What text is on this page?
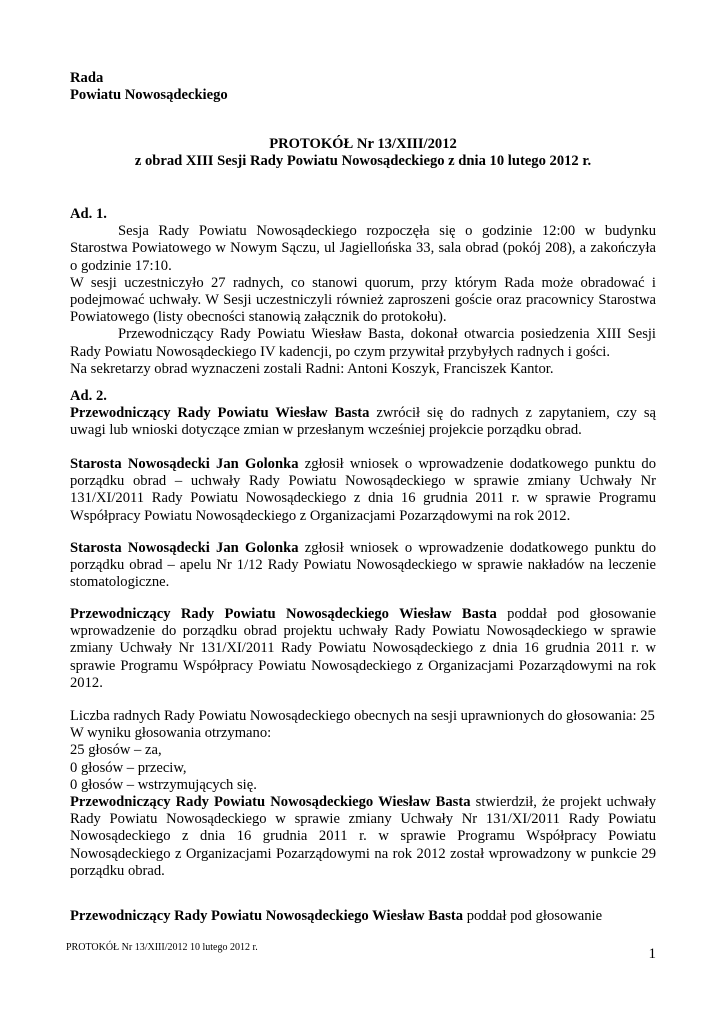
Rada

Powiatu Nowosądeckiego

PROTOKÓŁ Nr 13/XIII/2012

z obrad XIII Sesji Rady Powiatu Nowosądeckiego z dnia 10 lutego 2012 r.

Ad. 1.

Sesja Rady Powiatu Nowosądeckiego rozpoczęła się o godzinie 12:00 w budynku Starostwa Powiatowego w Nowym Sączu, ul Jagiellońska 33, sala obrad (pokój 208), a zakończyła o godzinie 17:10.

W sesji uczestniczyło 27 radnych, co stanowi quorum, przy którym Rada może obradować i podejmować uchwały. W Sesji uczestniczyli również zaproszeni goście oraz pracownicy Starostwa Powiatowego (listy obecności stanowią załącznik do protokołu).

Przewodniczący Rady Powiatu Wiesław Basta, dokonał otwarcia posiedzenia XIII Sesji Rady Powiatu Nowosądeckiego IV kadencji, po czym przywitał przybyłych radnych i gości.

Na sekretarzy obrad wyznaczeni zostali Radni: Antoni Koszyk, Franciszek Kantor.

Ad. 2.

Przewodniczący Rady Powiatu Wiesław Basta zwrócił się do radnych z zapytaniem, czy są uwagi lub wnioski dotyczące zmian w przesłanym wcześniej projekcie porządku obrad.

Starosta Nowosądecki Jan Golonka zgłosił wniosek o wprowadzenie dodatkowego punktu do porządku obrad – uchwały Rady Powiatu Nowosądeckiego w sprawie zmiany Uchwały Nr 131/XI/2011 Rady Powiatu Nowosądeckiego z dnia 16 grudnia 2011 r. w sprawie Programu Współpracy Powiatu Nowosądeckiego z Organizacjami Pozarządowymi na rok 2012.

Starosta Nowosądecki Jan Golonka zgłosił wniosek o wprowadzenie dodatkowego punktu do porządku obrad – apelu Nr 1/12 Rady Powiatu Nowosądeckiego w sprawie nakładów na leczenie stomatologiczne.

Przewodniczący Rady Powiatu Nowosądeckiego Wiesław Basta poddał pod głosowanie wprowadzenie do porządku obrad projektu uchwały Rady Powiatu Nowosądeckiego w sprawie zmiany Uchwały Nr 131/XI/2011 Rady Powiatu Nowosądeckiego z dnia 16 grudnia 2011 r. w sprawie Programu Współpracy Powiatu Nowosądeckiego z Organizacjami Pozarządowymi na rok 2012.

Liczba radnych Rady Powiatu Nowosądeckiego obecnych na sesji uprawnionych do głosowania: 25

W wyniku głosowania otrzymano:

25 głosów – za,

0 głosów – przeciw,

0 głosów – wstrzymujących się.

Przewodniczący Rady Powiatu Nowosądeckiego Wiesław Basta stwierdził, że projekt uchwały Rady Powiatu Nowosądeckiego w sprawie zmiany Uchwały Nr 131/XI/2011 Rady Powiatu Nowosądeckiego z dnia 16 grudnia 2011 r. w sprawie Programu Współpracy Powiatu Nowosądeckiego z Organizacjami Pozarządowymi na rok 2012 został wprowadzony w punkcie 29 porządku obrad.

Przewodniczący Rady Powiatu Nowosądeckiego Wiesław Basta poddał pod głosowanie

PROTOKÓŁ Nr 13/XIII/2012 10 lutego 2012 r.	1
